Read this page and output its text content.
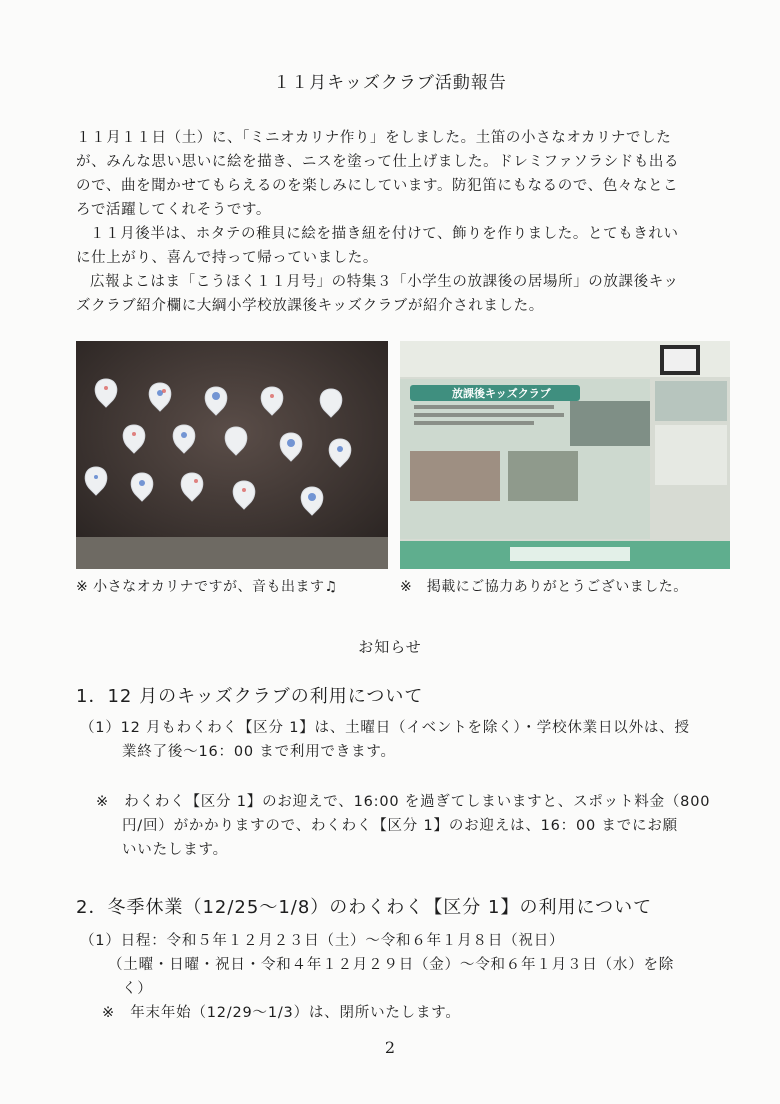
１１月キッズクラブ活動報告
１１月１１日（土）に、「ミニオカリナ作り」をしました。土笛の小さなオカリナでした
が、みんな思い思いに絵を描き、ニスを塗って仕上げました。ドレミファソラシドも出る
ので、曲を聞かせてもらえるのを楽しみにしています。防犯笛にもなるので、色々なとこ
ろで活躍してくれそうです。
１１月後半は、ホタテの稚貝に絵を描き紐を付けて、飾りを作りました。とてもきれい
に仕上がり、喜んで持って帰っていました。
広報よこはま「こうほく１１月号」の特集３「小学生の放課後の居場所」の放課後キッ
ズクラブ紹介欄に大綱小学校放課後キッズクラブが紹介されました。
放課後キッズクラブ
※ 小さなオカリナですが、音も出ます♫	※　掲載にご協力ありがとうございました。
お知らせ
1．12 月のキッズクラブの利用について
（1）12 月もわくわく【区分 1】は、土曜日（イベントを除く）・学校休業日以外は、授
業終了後～16：00 まで利用できます。
※　わくわく【区分 1】のお迎えで、16:00 を過ぎてしまいますと、スポット料金（800
円/回）がかかりますので、わくわく【区分 1】のお迎えは、16：00 までにお願
いいたします。
2．冬季休業（12/25～1/8）のわくわく【区分 1】の利用について
（1）日程：令和５年１２月２３日（土）～令和６年１月８日（祝日）
（土曜・日曜・祝日・令和４年１２月２９日（金）～令和６年１月３日（水）を除
く）
※　年末年始（12/29～1/3）は、閉所いたします。
2
